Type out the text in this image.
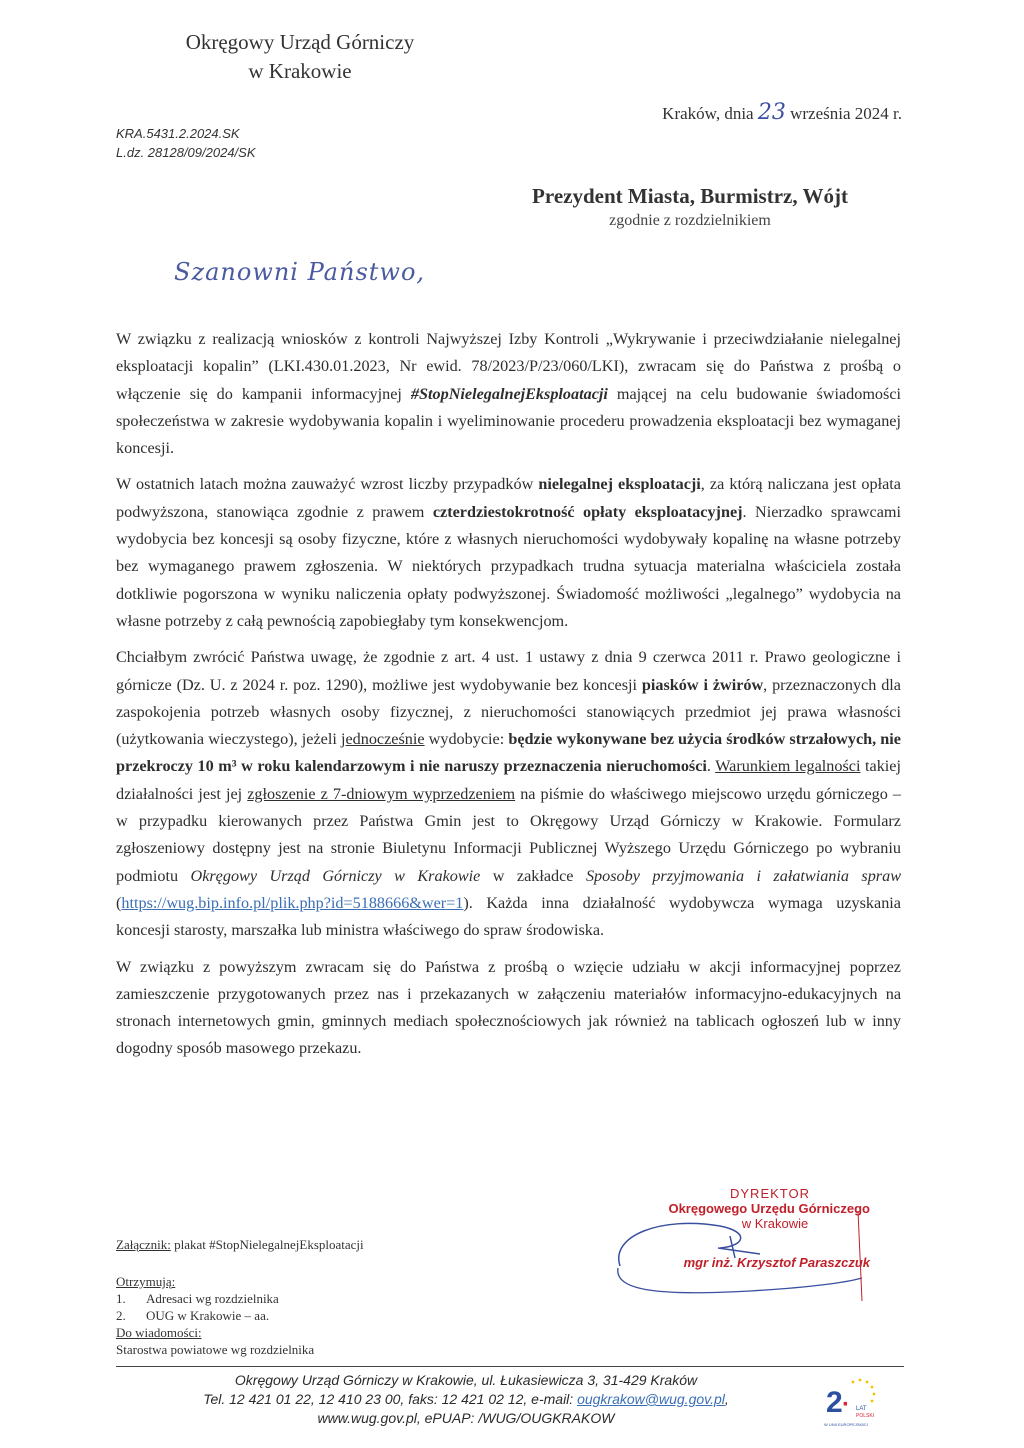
Okręgowy Urząd Górniczy
w Krakowie
Kraków, dnia 23 września 2024 r.
KRA.5431.2.2024.SK
L.dz. 28128/09/2024/SK
Prezydent Miasta, Burmistrz, Wójt
zgodnie z rozdzielnikiem
Szanowni Państwo,

W związku z realizacją wniosków z kontroli Najwyższej Izby Kontroli „Wykrywanie i przeciwdziałanie nielegalnej eksploatacji kopalin” (LKI.430.01.2023, Nr ewid. 78/2023/P/23/060/LKI), zwracam się do Państwa z prośbą o włączenie się do kampanii informacyjnej #StopNielegalnejEksploatacji mającej na celu budowanie świadomości społeczeństwa w zakresie wydobywania kopalin i wyeliminowanie procederu prowadzenia eksploatacji bez wymaganej koncesji.

W ostatnich latach można zauważyć wzrost liczby przypadków nielegalnej eksploatacji, za którą naliczana jest opłata podwyższona, stanowiąca zgodnie z prawem czterdziestokrotność opłaty eksploatacyjnej. Nierzadko sprawcami wydobycia bez koncesji są osoby fizyczne, które z własnych nieruchomości wydobywały kopalinę na własne potrzeby bez wymaganego prawem zgłoszenia. W niektórych przypadkach trudna sytuacja materialna właściciela została dotkliwie pogorszona w wyniku naliczenia opłaty podwyższonej. Świadomość możliwości „legalnego” wydobycia na własne potrzeby z całą pewnością zapobiegłaby tym konsekwencjom.

Chciałbym zwrócić Państwa uwagę, że zgodnie z art. 4 ust. 1 ustawy z dnia 9 czerwca 2011 r. Prawo geologiczne i górnicze (Dz. U. z 2024 r. poz. 1290), możliwe jest wydobywanie bez koncesji piasków i żwirów, przeznaczonych dla zaspokojenia potrzeb własnych osoby fizycznej, z nieruchomości stanowiących przedmiot jej prawa własności (użytkowania wieczystego), jeżeli jednocześnie wydobycie: będzie wykonywane bez użycia środków strzałowych, nie przekroczy 10 m³ w roku kalendarzowym i nie naruszy przeznaczenia nieruchomości. Warunkiem legalności takiej działalności jest jej zgłoszenie z 7-dniowym wyprzedzeniem na piśmie do właściwego miejscowo urzędu górniczego – w przypadku kierowanych przez Państwa Gmin jest to Okręgowy Urząd Górniczy w Krakowie. Formularz zgłoszeniowy dostępny jest na stronie Biuletynu Informacji Publicznej Wyższego Urzędu Górniczego po wybraniu podmiotu Okręgowy Urząd Górniczy w Krakowie w zakładce Sposoby przyjmowania i załatwiania spraw (https://wug.bip.info.pl/plik.php?id=5188666&wer=1). Każda inna działalność wydobywcza wymaga uzyskania koncesji starosty, marszałka lub ministra właściwego do spraw środowiska.

W związku z powyższym zwracam się do Państwa z prośbą o wzięcie udziału w akcji informacyjnej poprzez zamieszczenie przygotowanych przez nas i przekazanych w załączeniu materiałów informacyjno-edukacyjnych na stronach internetowych gmin, gminnych mediach społecznościowych jak również na tablicach ogłoszeń lub w inny dogodny sposób masowego przekazu.

Załącznik: plakat #StopNielegalnejEksploatacji
Otrzymują:
1. Adresaci wg rozdzielnika
2. OUG w Krakowie – aa.
Do wiadomości:
Starostwa powiatowe wg rozdzielnika
DYREKTOR
Okręgowego Urzędu Górniczego
w Krakowie
mgr inż. Krzysztof Paraszczuk
Okręgowy Urząd Górniczy w Krakowie, ul. Łukasiewicza 3, 31-429 Kraków
Tel. 12 421 01 22, 12 410 23 00, faks: 12 421 02 12, e-mail: ougkrakow@wug.gov.pl,
www.wug.gov.pl, ePUAP: /WUG/OUGKRAKOW	2 · LAT
POLSKI
W UNII EUROPEJSKIEJ
